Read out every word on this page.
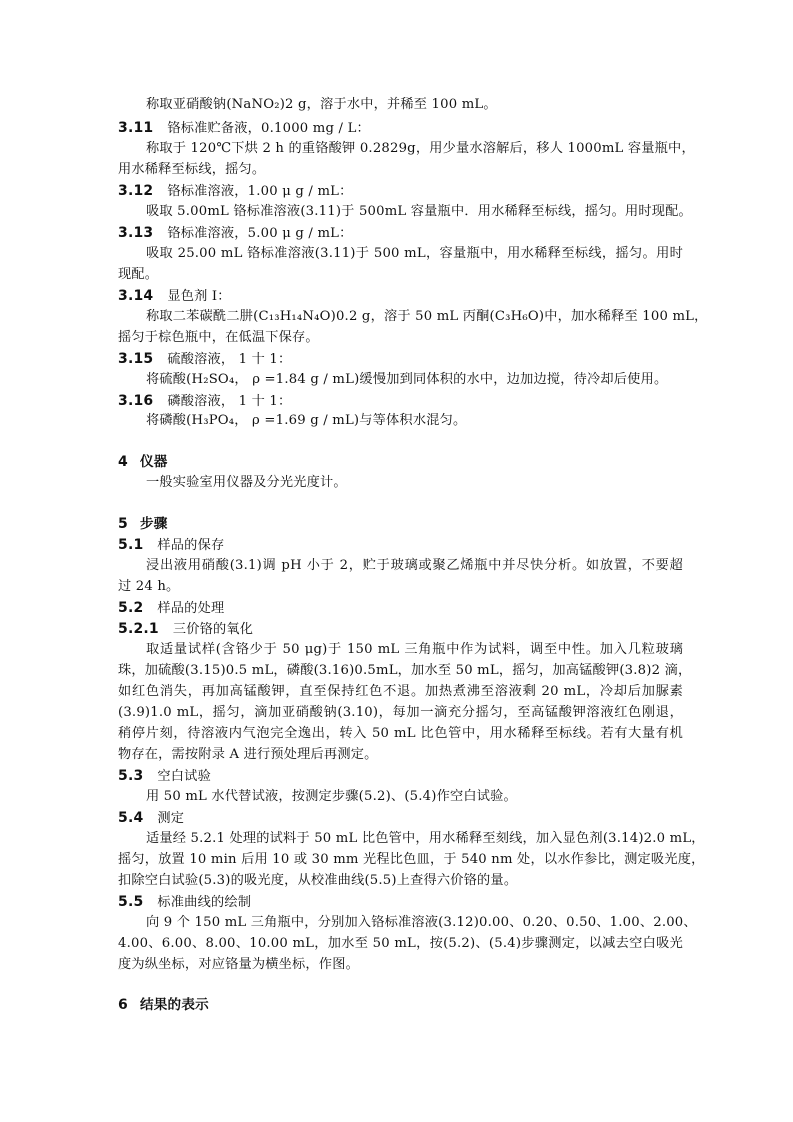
称取亚硝酸钠(NaNO₂)2 g，溶于水中，并稀至 100 mL。
3.11 铬标准贮备液，0.1000 mg / L：
称取于 120℃下烘 2 h 的重铬酸钾 0.2829g，用少量水溶解后，移人 1000mL 容量瓶中，
用水稀释至标线，摇匀。
3.12 铬标准溶液，1.00 μ g / mL：
吸取 5.00mL 铬标准溶液(3.11)于 500mL 容量瓶中．用水稀释至标线，摇匀。用时现配。
3.13 铬标准溶液，5.00 μ g / mL：
吸取 25.00 mL 铬标准溶液(3.11)于 500 mL，容量瓶中，用水稀释至标线，摇匀。用时
现配。
3.14 显色剂 I：
称取二苯碳酰二肼(C₁₃H₁₄N₄O)0.2 g，溶于 50 mL 丙酮(C₃H₆O)中，加水稀释至 100 mL，
摇匀于棕色瓶中，在低温下保存。
3.15 硫酸溶液， 1 十 1：
将硫酸(H₂SO₄， ρ =1.84 g / mL)缓慢加到同体积的水中，边加边搅，待冷却后使用。
3.16 磷酸溶液， 1 十 1：
将磷酸(H₃PO₄， ρ =1.69 g / mL)与等体积水混匀。
4 仪器
一般实验室用仪器及分光光度计。
5 步骤
5.1 样品的保存
浸出液用硝酸(3.1)调 pH 小于 2，贮于玻璃或聚乙烯瓶中并尽快分析。如放置，不要超
过 24 h。
5.2 样品的处理
5.2.1 三价铬的氧化
取适量试样(含铬少于 50 μg)于 150 mL 三角瓶中作为试料，调至中性。加入几粒玻璃
珠，加硫酸(3.15)0.5 mL，磷酸(3.16)0.5mL，加水至 50 mL，摇匀，加高锰酸钾(3.8)2 滴，
如红色消失，再加高锰酸钾，直至保持红色不退。加热煮沸至溶液剩 20 mL，冷却后加脲素
(3.9)1.0 mL，摇匀，滴加亚硝酸钠(3.10)，每加一滴充分摇匀，至高锰酸钾溶液红色刚退，
稍停片刻，待溶液内气泡完全逸出，转入 50 mL 比色管中，用水稀释至标线。若有大量有机
物存在，需按附录 A 进行预处理后再测定。
5.3 空白试验
用 50 mL 水代替试液，按测定步骤(5.2)、(5.4)作空白试验。
5.4 测定
适量经 5.2.1 处理的试料于 50 mL 比色管中，用水稀释至刻线，加入显色剂(3.14)2.0 mL，
摇匀，放置 10 min 后用 10 或 30 mm 光程比色皿，于 540 nm 处，以水作参比，测定吸光度，
扣除空白试验(5.3)的吸光度，从校准曲线(5.5)上查得六价铬的量。
5.5 标准曲线的绘制
向 9 个 150 mL 三角瓶中，分别加入铬标准溶液(3.12)0.00、0.20、0.50、1.00、2.00、
4.00、6.00、8.00、10.00 mL，加水至 50 mL，按(5.2)、(5.4)步骤测定，以减去空白吸光
度为纵坐标，对应铬量为横坐标，作图。
6 结果的表示
